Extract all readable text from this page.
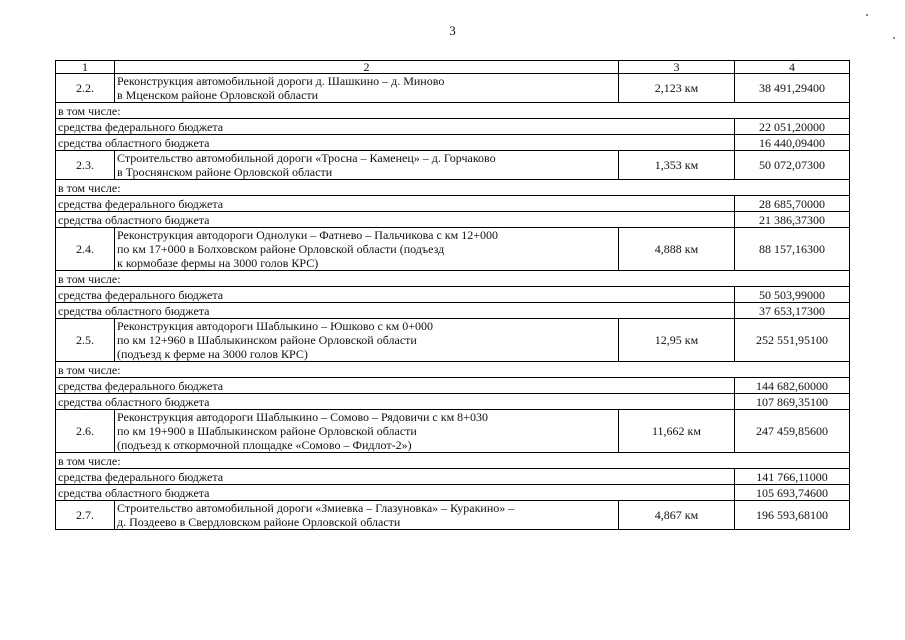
3
1	2	3	4
2.2.	Реконструкция автомобильной дороги д. Шашкино – д. Миново
в Мценском районе Орловской области	2,123 км	38 491,29400
в том числе:			
средства федерального бюджета			22 051,20000
средства областного бюджета			16 440,09400
2.3.	Строительство автомобильной дороги «Тросна – Каменец» – д. Горчаково
в Троснянском районе Орловской области	1,353 км	50 072,07300
в том числе:			
средства федерального бюджета			28 685,70000
средства областного бюджета			21 386,37300
2.4.	Реконструкция автодороги Однолуки – Фатнево – Пальчикова с км 12+000
по км 17+000 в Болховском районе Орловской области (подъезд
к кормобазе фермы на 3000 голов КРС)	4,888 км	88 157,16300
в том числе:			
средства федерального бюджета			50 503,99000
средства областного бюджета			37 653,17300
2.5.	Реконструкция автодороги Шаблыкино – Юшково с км 0+000
по км 12+960 в Шаблыкинском районе Орловской области
(подъезд к ферме на 3000 голов КРС)	12,95 км	252 551,95100
в том числе:			
средства федерального бюджета			144 682,60000
средства областного бюджета			107 869,35100
2.6.	Реконструкция автодороги Шаблыкино – Сомово – Рядовичи с км 8+030
по км 19+900 в Шаблыкинском районе Орловской области
(подъезд к откормочной площадке «Сомово – Фидлот-2»)	11,662 км	247 459,85600
в том числе:			
средства федерального бюджета			141 766,11000
средства областного бюджета			105 693,74600
2.7.	Строительство автомобильной дороги «Змиевка – Глазуновка» – Куракино» –
д. Поздеево в Свердловском районе Орловской области	4,867 км	196 593,68100
